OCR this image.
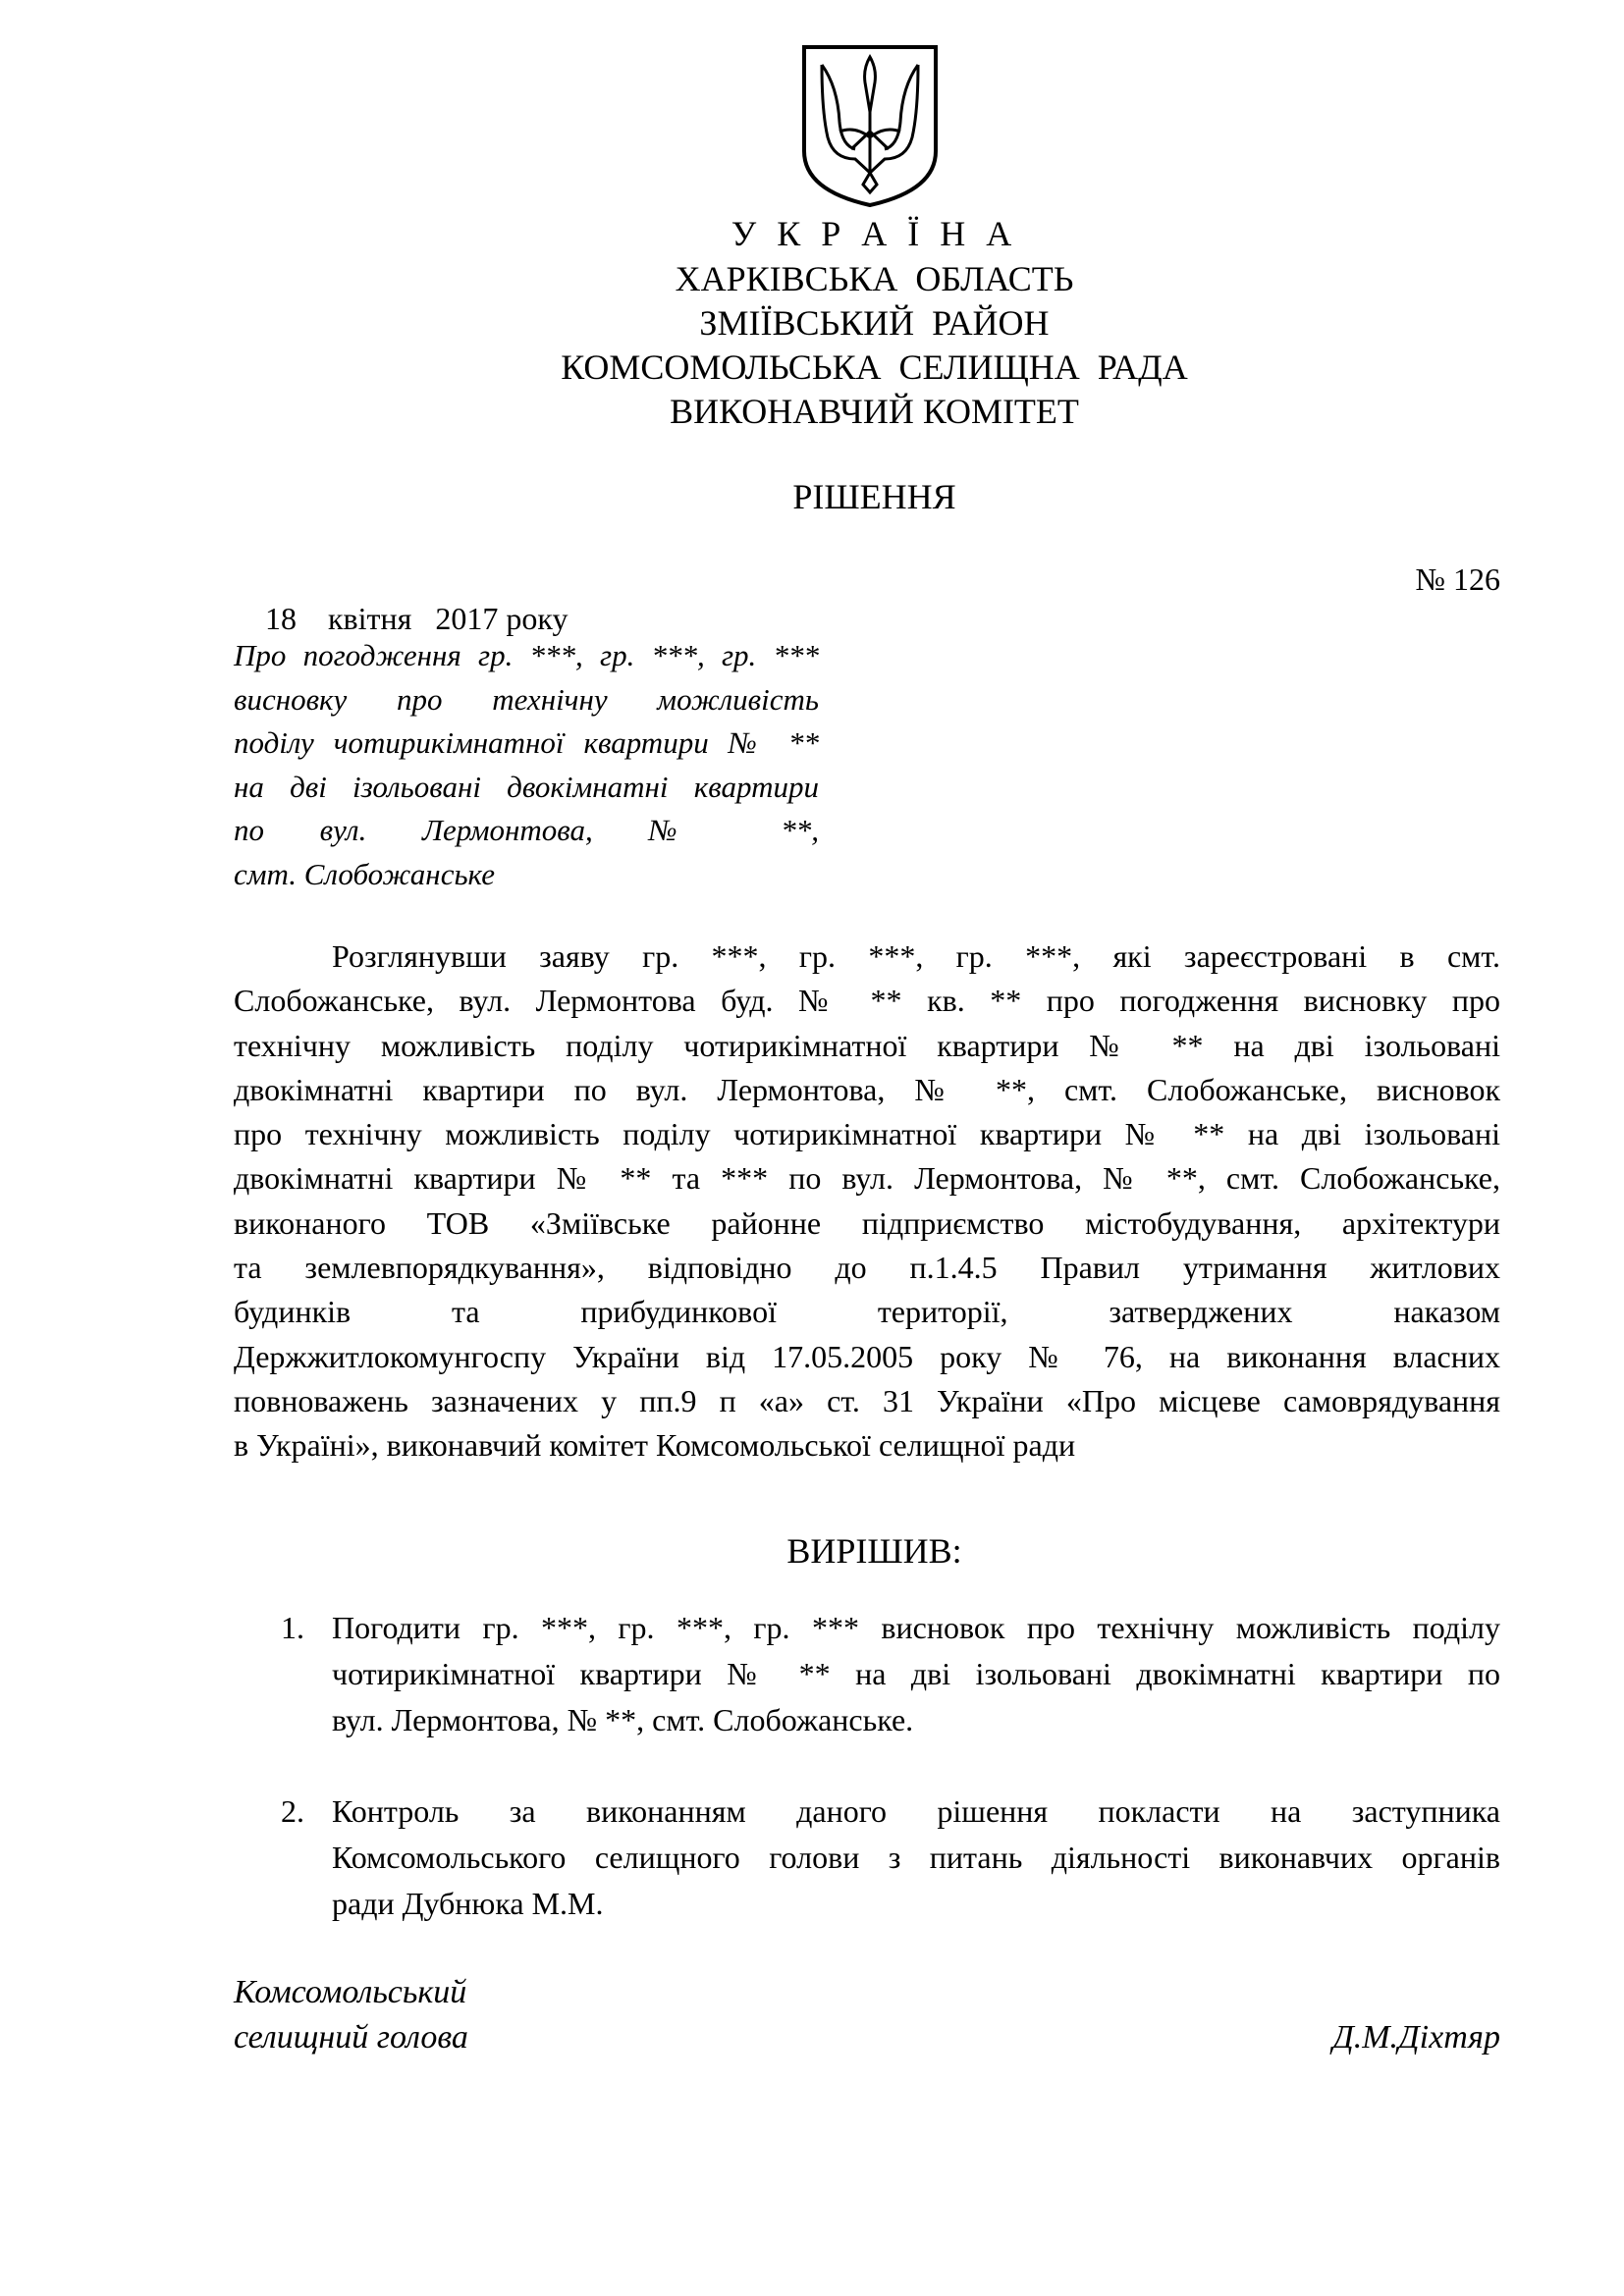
У К Р А Ї Н А
ХАРКІВСЬКА  ОБЛАСТЬ
ЗМІЇВСЬКИЙ  РАЙОН
КОМСОМОЛЬСЬКА  СЕЛИЩНА  РАДА
ВИКОНАВЧИЙ КОМІТЕТ
РІШЕННЯ

18    квітня   2017 року

№ 126

Про погодження гр. ***, гр. ***, гр. ***
висновку про технічну можливість
поділу чотирикімнатної квартири № **
на дві ізольовані двокімнатні квартири
по вул. Лермонтова, № **,
смт. Слобожанське
Розглянувши заяву гр. ***, гр. ***, гр. ***, які зареєстровані в смт.
Слобожанське, вул. Лермонтова буд. № ** кв. ** про погодження висновку про
технічну можливість поділу чотирикімнатної квартири № ** на дві ізольовані
двокімнатні квартири по вул. Лермонтова, № **, смт. Слобожанське, висновок
про технічну можливість поділу чотирикімнатної квартири № ** на дві ізольовані
двокімнатні квартири № ** та *** по вул. Лермонтова, № **, смт. Слобожанське,
виконаного ТОВ «Зміївське районне підприємство містобудування, архітектури
та землевпорядкування», відповідно до п.1.4.5 Правил утримання житлових
будинків та прибудинкової території, затверджених наказом
Держжитлокомунгоспу України від 17.05.2005 року № 76, на виконання власних
повноважень зазначених у пп.9 п «а» ст. 31 України «Про місцеве самоврядування
в Україні», виконавчий комітет Комсомольської селищної ради
ВИРІШИВ:
1. Погодити гр. ***, гр. ***, гр. *** висновок про технічну можливість поділу
чотирикімнатної квартири № ** на дві ізольовані двокімнатні квартири по
вул. Лермонтова, № **, смт. Слобожанське.
2. Контроль за виконанням даного рішення покласти на заступника
Комсомольського селищного голови з питань діяльності виконавчих органів
ради Дубнюка М.М.
Комсомольський
селищний голова	Д.М.Діхтяр
